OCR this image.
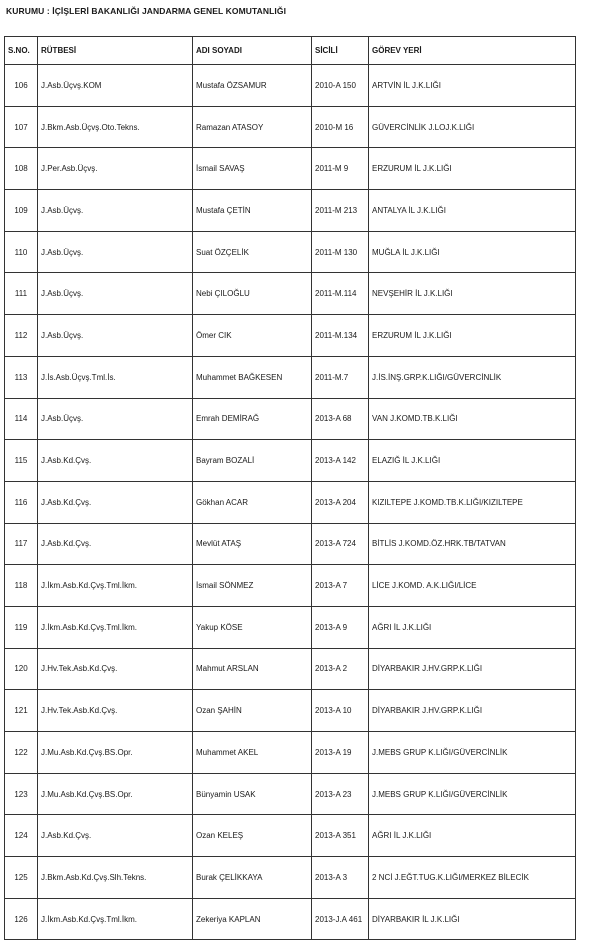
KURUMU : İÇİŞLERİ BAKANLIĞI JANDARMA GENEL KOMUTANLIĞI
S.NO.	RÜTBESİ	ADI SOYADI	SİCİLİ	GÖREV YERİ
106	J.Asb.Üçvş.KOM	Mustafa ÖZSAMUR	2010-A 150	ARTVİN İL J.K.LIĞI
107	J.Bkm.Asb.Üçvş.Oto.Tekns.	Ramazan ATASOY	2010-M 16	GÜVERCİNLİK J.LOJ.K.LIĞI
108	J.Per.Asb.Üçvş.	İsmail SAVAŞ	2011-M 9	ERZURUM İL J.K.LIĞI
109	J.Asb.Üçvş.	Mustafa ÇETİN	2011-M 213	ANTALYA İL J.K.LIĞI
110	J.Asb.Üçvş.	Suat ÖZÇELİK	2011-M 130	MUĞLA İL J.K.LIĞI
111	J.Asb.Üçvş.	Nebi ÇILOĞLU	2011-M.114	NEVŞEHİR İL J.K.LIĞI
112	J.Asb.Üçvş.	Ömer CIK	2011-M.134	ERZURUM İL J.K.LIĞI
113	J.İs.Asb.Üçvş.Tml.İs.	Muhammet BAĞKESEN	2011-M.7	J.İS.İNŞ.GRP.K.LIĞI/GÜVERCİNLİK
114	J.Asb.Üçvş.	Emrah DEMİRAĞ	2013-A 68	VAN J.KOMD.TB.K.LIĞI
115	J.Asb.Kd.Çvş.	Bayram BOZALİ	2013-A 142	ELAZIĞ İL J.K.LIĞI
116	J.Asb.Kd.Çvş.	Gökhan ACAR	2013-A 204	KIZILTEPE J.KOMD.TB.K.LIĞI/KIZILTEPE
117	J.Asb.Kd.Çvş.	Mevlüt ATAŞ	2013-A 724	BİTLİS J.KOMD.ÖZ.HRK.TB/TATVAN
118	J.İkm.Asb.Kd.Çvş.Tml.İkm.	İsmail SÖNMEZ	2013-A 7	LİCE J.KOMD. A.K.LIĞI/LİCE
119	J.İkm.Asb.Kd.Çvş.Tml.İkm.	Yakup KÖSE	2013-A 9	AĞRI İL J.K.LIĞI
120	J.Hv.Tek.Asb.Kd.Çvş.	Mahmut ARSLAN	2013-A 2	DİYARBAKIR J.HV.GRP.K.LIĞI
121	J.Hv.Tek.Asb.Kd.Çvş.	Ozan ŞAHİN	2013-A 10	DİYARBAKIR J.HV.GRP.K.LIĞI
122	J.Mu.Asb.Kd.Çvş.BS.Opr.	Muhammet AKEL	2013-A 19	J.MEBS GRUP K.LIĞI/GÜVERCİNLİK
123	J.Mu.Asb.Kd.Çvş.BS.Opr.	Bünyamin USAK	2013-A 23	J.MEBS GRUP K.LIĞI/GÜVERCİNLİK
124	J.Asb.Kd.Çvş.	Ozan KELEŞ	2013-A 351	AĞRI İL J.K.LIĞI
125	J.Bkm.Asb.Kd.Çvş.Slh.Tekns.	Burak ÇELİKKAYA	2013-A 3	2 NCİ J.EĞT.TUG.K.LIĞI/MERKEZ BİLECİK
126	J.İkm.Asb.Kd.Çvş.Tml.İkm.	Zekeriya KAPLAN	2013-J.A 461	DİYARBAKIR İL J.K.LIĞI
